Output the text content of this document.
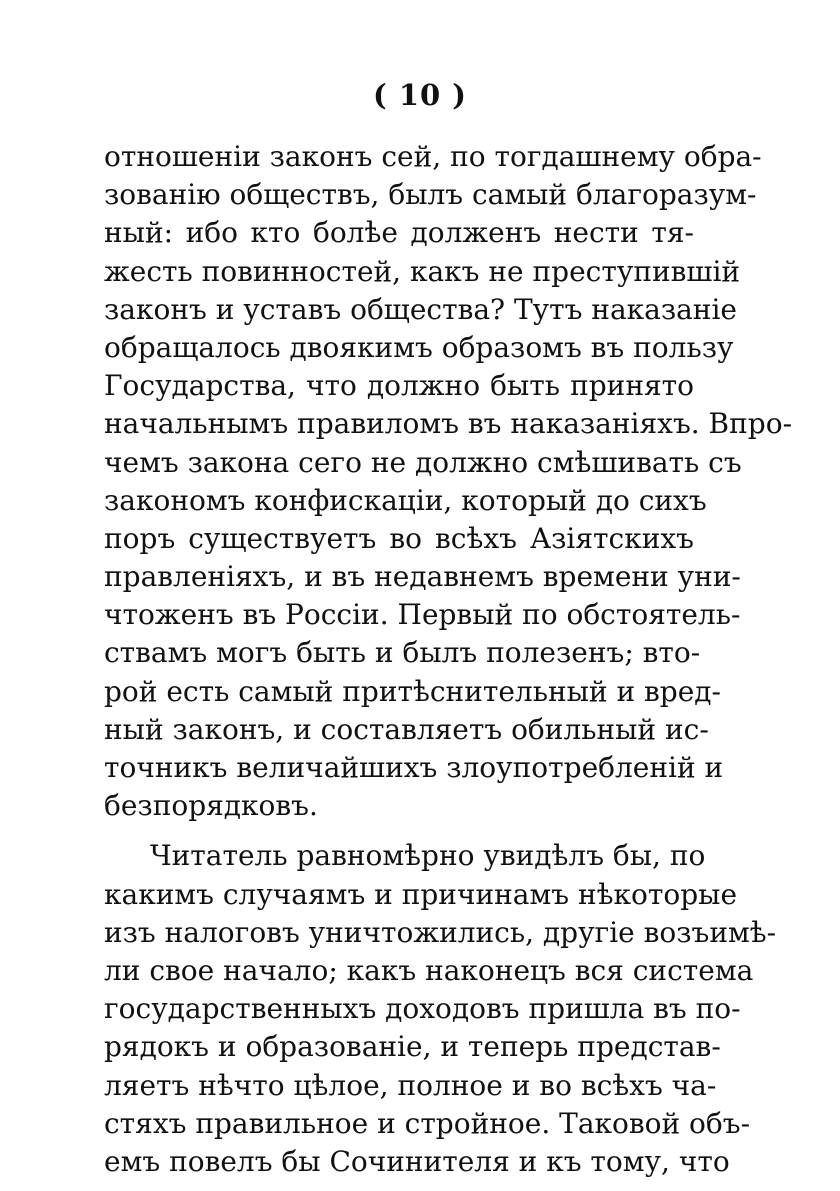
( 10 )
отношеніи законъ сей, по тогдашнему обра-
зованію обществъ, былъ самый благоразум-
ный: ибо кто болѣе долженъ нести тя-
жесть повинностей, какъ не преступившій
законъ и уставъ общества? Тутъ наказаніе
обращалось двоякимъ образомъ въ пользу
Государства, что должно быть принято
начальнымъ правиломъ въ наказаніяхъ. Впро-
чемъ закона сего не должно смѣшивать съ
закономъ конфискаціи, который до сихъ
поръ существуетъ во всѣхъ Азіятскихъ
правленіяхъ, и въ недавнемъ времени уни-
чтоженъ въ Россіи. Первый по обстоятель-
ствамъ могъ быть и былъ полезенъ; вто-
рой есть самый притѣснительный и вред-
ный законъ, и составляетъ обильный ис-
точникъ величайшихъ злоупотребленій и
безпорядковъ.
Читатель равномѣрно увидѣлъ бы, по
какимъ случаямъ и причинамъ нѣкоторые
изъ налоговъ уничтожились, другіе возъимѣ-
ли свое начало; какъ наконецъ вся система
государственныхъ доходовъ пришла въ по-
рядокъ и образованіе, и теперь представ-
ляетъ нѣчто цѣлое, полное и во всѣхъ ча-
стяхъ правильное и стройное. Таковой объ-
емъ повелъ бы Сочинителя и къ тому, что
